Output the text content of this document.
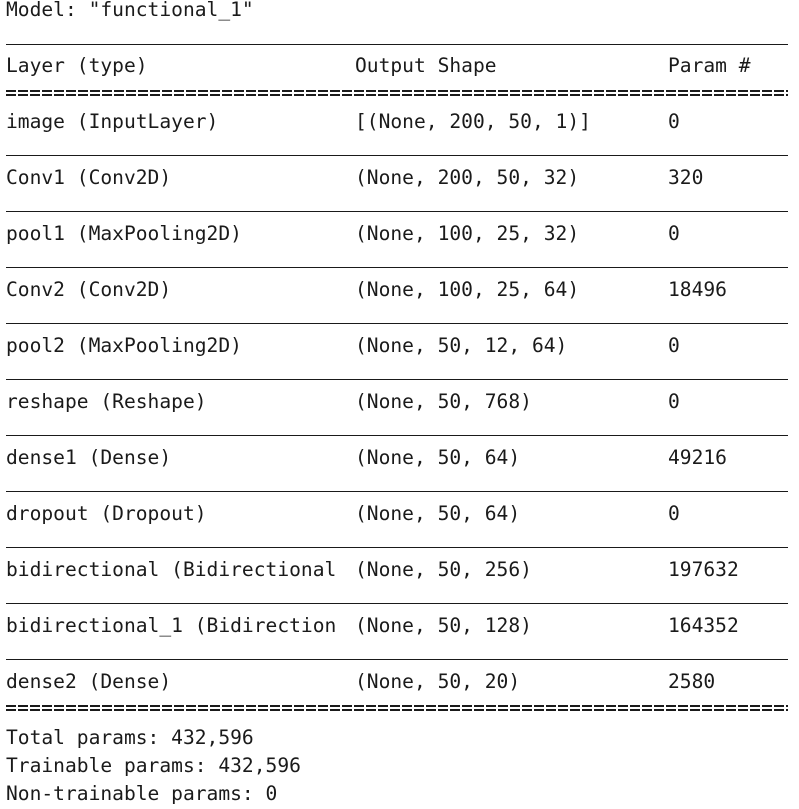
Model: "functional_1"
Layer (type)	Output Shape	Param #
image (InputLayer)	[(None, 200, 50, 1)]	0
Conv1 (Conv2D)	(None, 200, 50, 32)	320
pool1 (MaxPooling2D)	(None, 100, 25, 32)	0
Conv2 (Conv2D)	(None, 100, 25, 64)	18496
pool2 (MaxPooling2D)	(None, 50, 12, 64)	0
reshape (Reshape)	(None, 50, 768)	0
dense1 (Dense)	(None, 50, 64)	49216
dropout (Dropout)	(None, 50, 64)	0
bidirectional (Bidirectional (None, 50, 256)	197632
bidirectional_1 (Bidirection (None, 50, 128)	164352
dense2 (Dense)	(None, 50, 20)	2580
Total params: 432,596
Trainable params: 432,596
Non-trainable params: 0
